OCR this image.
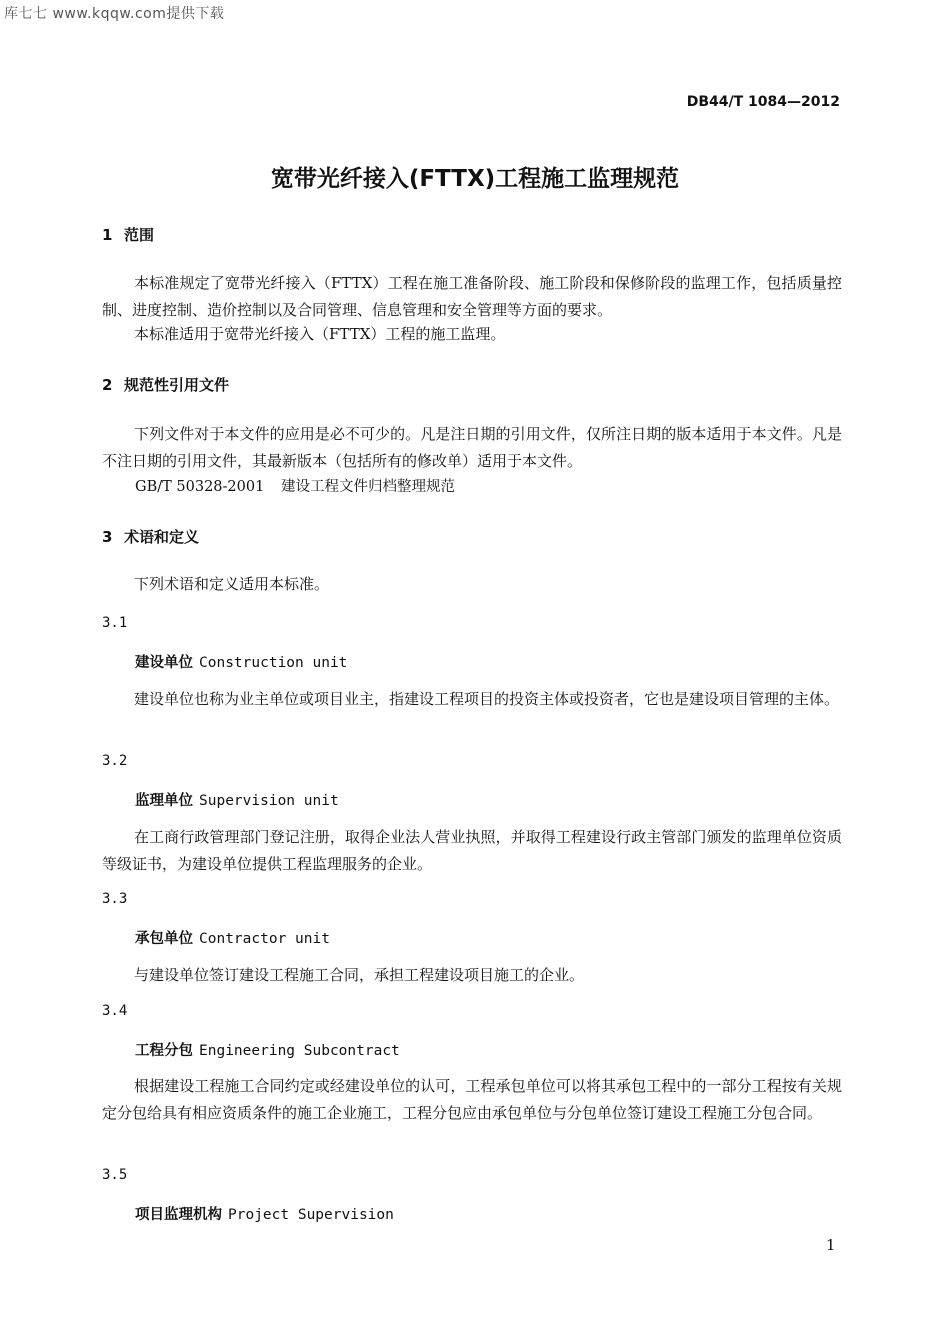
库七七 www.kqqw.com提供下载
DB44/T 1084—2012
宽带光纤接入(FTTX)工程施工监理规范
1 范围
本标准规定了宽带光纤接入（FTTX）工程在施工准备阶段、施工阶段和保修阶段的监理工作，包括质量控制、进度控制、造价控制以及合同管理、信息管理和安全管理等方面的要求。
本标准适用于宽带光纤接入（FTTX）工程的施工监理。
2 规范性引用文件
下列文件对于本文件的应用是必不可少的。凡是注日期的引用文件，仅所注日期的版本适用于本文件。凡是不注日期的引用文件，其最新版本（包括所有的修改单）适用于本文件。
GB/T 50328-2001 建设工程文件归档整理规范
3 术语和定义
下列术语和定义适用本标准。
3.1
建设单位 Construction unit
建设单位也称为业主单位或项目业主，指建设工程项目的投资主体或投资者，它也是建设项目管理的主体。
3.2
监理单位 Supervision unit
在工商行政管理部门登记注册，取得企业法人营业执照，并取得工程建设行政主管部门颁发的监理单位资质等级证书，为建设单位提供工程监理服务的企业。
3.3
承包单位 Contractor unit
与建设单位签订建设工程施工合同，承担工程建设项目施工的企业。
3.4
工程分包 Engineering Subcontract
根据建设工程施工合同约定或经建设单位的认可，工程承包单位可以将其承包工程中的一部分工程按有关规定分包给具有相应资质条件的施工企业施工，工程分包应由承包单位与分包单位签订建设工程施工分包合同。
3.5
项目监理机构 Project Supervision
1
